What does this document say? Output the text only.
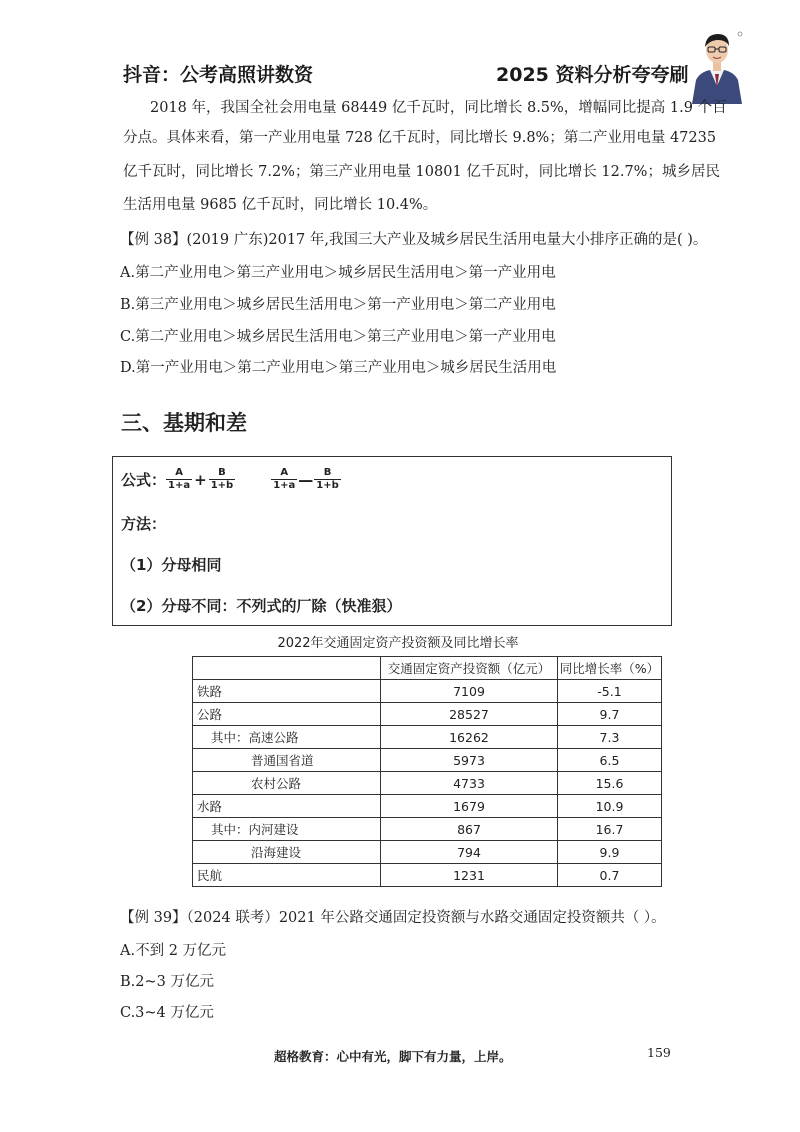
抖音：公考高照讲数资	2025 资料分析夸夸刷
2018 年，我国全社会用电量 68449 亿千瓦时，同比增长 8.5%，增幅同比提高 1.9 个百
分点。具体来看，第一产业用电量 728 亿千瓦时，同比增长 9.8%；第二产业用电量 47235
亿千瓦时，同比增长 7.2%；第三产业用电量 10801 亿千瓦时，同比增长 12.7%；城乡居民
生活用电量 9685 亿千瓦时，同比增长 10.4%。
【例 38】(2019 广东)2017 年,我国三大产业及城乡居民生活用电量大小排序正确的是( )。
A.第二产业用电＞第三产业用电＞城乡居民生活用电＞第一产业用电
B.第三产业用电＞城乡居民生活用电＞第一产业用电＞第二产业用电
C.第二产业用电＞城乡居民生活用电＞第三产业用电＞第一产业用电
D.第一产业用电＞第二产业用电＞第三产业用电＞城乡居民生活用电
三、基期和差
公式： $\frac{A}{1+a} + \frac{B}{1+b}$	$\frac{A}{1+a}$ — $\frac{B}{1+b}$
方法：
（1）分母相同
（2）分母不同：不列式的厂除（快准狠）
2022年交通固定资产投资额及同比增长率
	交通固定资产投资额（亿元）	同比增长率（%）
铁路	7109	-5.1
公路	28527	9.7
其中：高速公路	16262	7.3
普通国省道	5973	6.5
农村公路	4733	15.6
水路	1679	10.9
其中：内河建设	867	16.7
沿海建设	794	9.9
民航	1231	0.7
【例 39】（2024 联考）2021 年公路交通固定投资额与水路交通固定投资额共（ ）。
A.不到 2 万亿元
B.2~3 万亿元
C.3~4 万亿元
超格教育：心中有光，脚下有力量，上岸。	159
